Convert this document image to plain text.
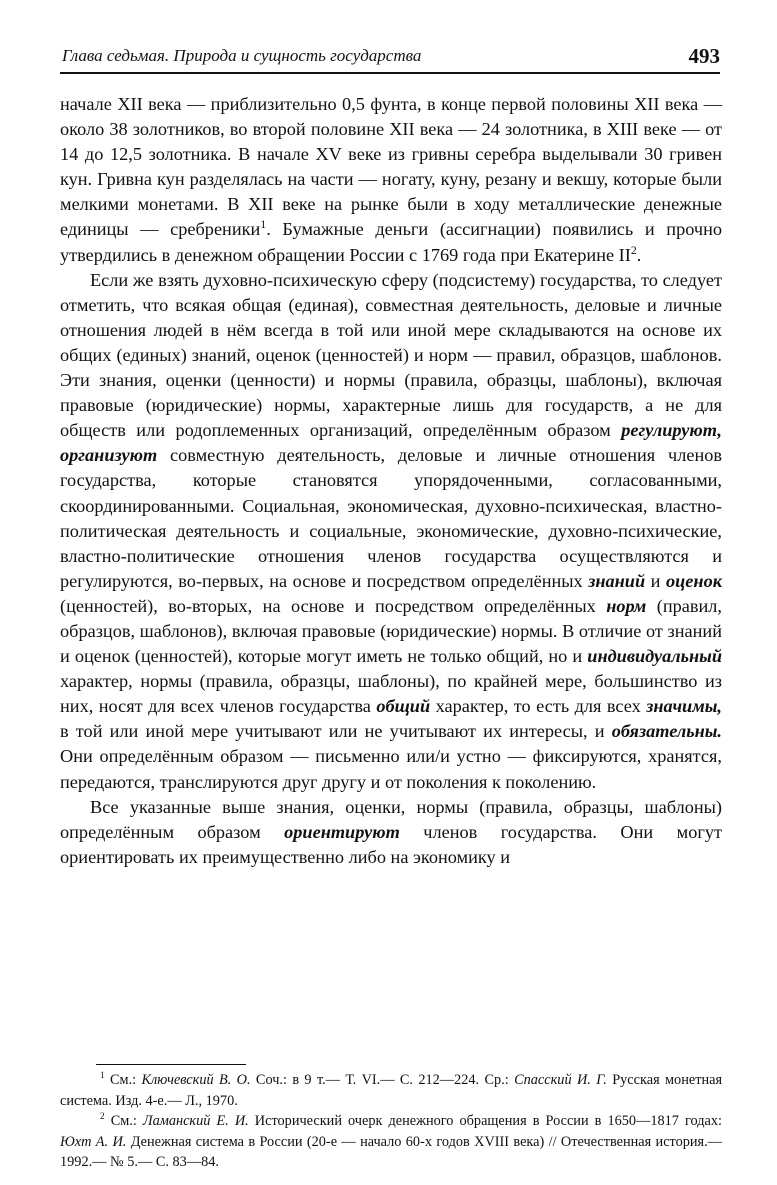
Глава седьмая. Природа и сущность государства	493

начале XII века — приблизительно 0,5 фунта, в конце первой половины XII века — около 38 золотников, во второй половине XII века — 24 золотника, в XIII веке — от 14 до 12,5 золотника. В начале XV веке из гривны серебра выделывали 30 гривен кун. Гривна кун разделялась на части — ногату, куну, резану и векшу, которые были мелкими монетами. В XII веке на рынке были в ходу металлические денежные единицы — сребреники$^1$. Бумажные деньги (ассигнации) появились и прочно утвердились в денежном обращении России с 1769 года при Екатерине $II^2$.

Если же взять духовно-психическую сферу (подсистему) государства, то следует отметить, что всякая общая (единая), совместная деятельность, деловые и личные отношения людей в нём всегда в той или иной мере складываются на основе их общих (единых) знаний, оценок (ценностей) и норм — правил, образцов, шаблонов. Эти знания, оценки (ценности) и нормы (правила, образцы, шаблоны), включая правовые (юридические) нормы, характерные лишь для государств, а не для обществ или родоплеменных организаций, определённым образом регулируют, организуют совместную деятельность, деловые и личные отношения членов государства, которые становятся упорядоченными, согласованными, скоординированными. Социальная, экономическая, духовно-психическая, властно-политическая деятельность и социальные, экономические, духовно-психические, властно-политические отношения членов государства осуществляются и регулируются, во-первых, на основе и посредством определённых знаний и оценок (ценностей), во-вторых, на основе и посредством определённых норм (правил, образцов, шаблонов), включая правовые (юридические) нормы. В отличие от знаний и оценок (ценностей), которые могут иметь не только общий, но и индивидуальный характер, нормы (правила, образцы, шаблоны), по крайней мере, большинство из них, носят для всех членов государства общий характер, то есть для всех значимы, в той или иной мере учитывают или не учитывают их интересы, и обязательны. Они определённым образом — письменно или/и устно — фиксируются, хранятся, передаются, транслируются друг другу и от поколения к поколению.

Все указанные выше знания, оценки, нормы (правила, образцы, шаблоны) определённым образом ориентируют членов государства. Они могут ориентировать их преимущественно либо на экономику и

$^1$ См.: Ключевский В. О. Соч.: в 9 т.— Т. VI.— С. 212—224. Ср.: Спасский И. Г. Русская монетная система. Изд. 4-е.— Л., 1970.

$^2$ См.: Ламанский Е. И. Исторический очерк денежного обращения в России в 1650—1817 годах: Юхт А. И. Денежная система в России (20-е — начало 60-х годов XVIII века) // Отечественная история.— 1992.— № 5.— С. 83—84.
